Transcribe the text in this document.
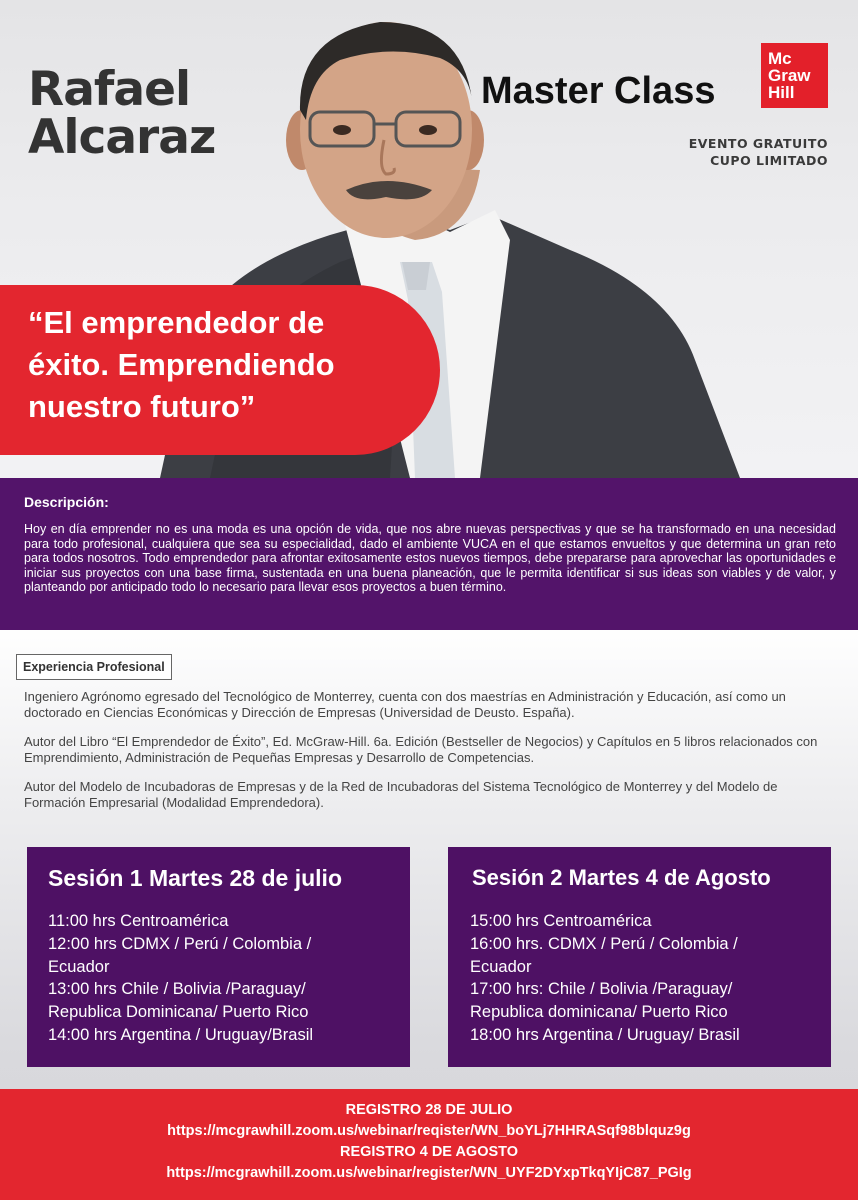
Rafael
Alcaraz
Master Class
Mc
Graw
Hill
EVENTO GRATUITO
CUPO LIMITADO

“El emprendedor de
éxito. Emprendiendo
nuestro futuro”

Descripción:

Hoy en día emprender no es una moda es una opción de vida, que nos abre nuevas perspectivas y que se ha transformado en una necesidad para todo profesional, cualquiera que sea su especialidad, dado el ambiente VUCA en el que estamos envueltos y que determina un gran reto para todos nosotros. Todo emprendedor para afrontar exitosamente estos nuevos tiempos, debe prepararse para aprovechar las oportunidades e iniciar sus proyectos con una base firma, sustentada en una buena planeación, que le permita identificar si sus ideas son viables y de valor, y planteando por anticipado todo lo necesario para llevar esos proyectos a buen término.

Experiencia Profesional

Ingeniero Agrónomo egresado del Tecnológico de Monterrey, cuenta con dos maestrías en Administración y Educación, así como un doctorado en Ciencias Económicas y Dirección de Empresas (Universidad de Deusto. España).

Autor del Libro “El Emprendedor de Éxito”, Ed. McGraw-Hill. 6a. Edición (Bestseller de Negocios) y Capítulos en 5 libros relacionados con Emprendimiento, Administración de Pequeñas Empresas y Desarrollo de Competencias.

Autor del Modelo de Incubadoras de Empresas y de la Red de Incubadoras del Sistema Tecnológico de Monterrey y del Modelo de Formación Empresarial (Modalidad Emprendedora).

Sesión 1 Martes 28 de julio
11:00 hrs Centroamérica
12:00 hrs CDMX / Perú / Colombia /
Ecuador
13:00 hrs Chile / Bolivia /Paraguay/
Republica Dominicana/ Puerto Rico
14:00 hrs Argentina / Uruguay/Brasil
Sesión 2 Martes 4 de Agosto
15:00 hrs Centroamérica
16:00 hrs. CDMX / Perú / Colombia /
Ecuador
17:00 hrs: Chile / Bolivia /Paraguay/
Republica dominicana/ Puerto Rico
18:00 hrs Argentina / Uruguay/ Brasil
REGISTRO 28 DE JULIO
https://mcgrawhill.zoom.us/webinar/reqister/WN_boYLj7HHRASqf98blquz9g
REGISTRO 4 DE AGOSTO
https://mcgrawhill.zoom.us/webinar/register/WN_UYF2DYxpTkqYIjC87_PGIg
